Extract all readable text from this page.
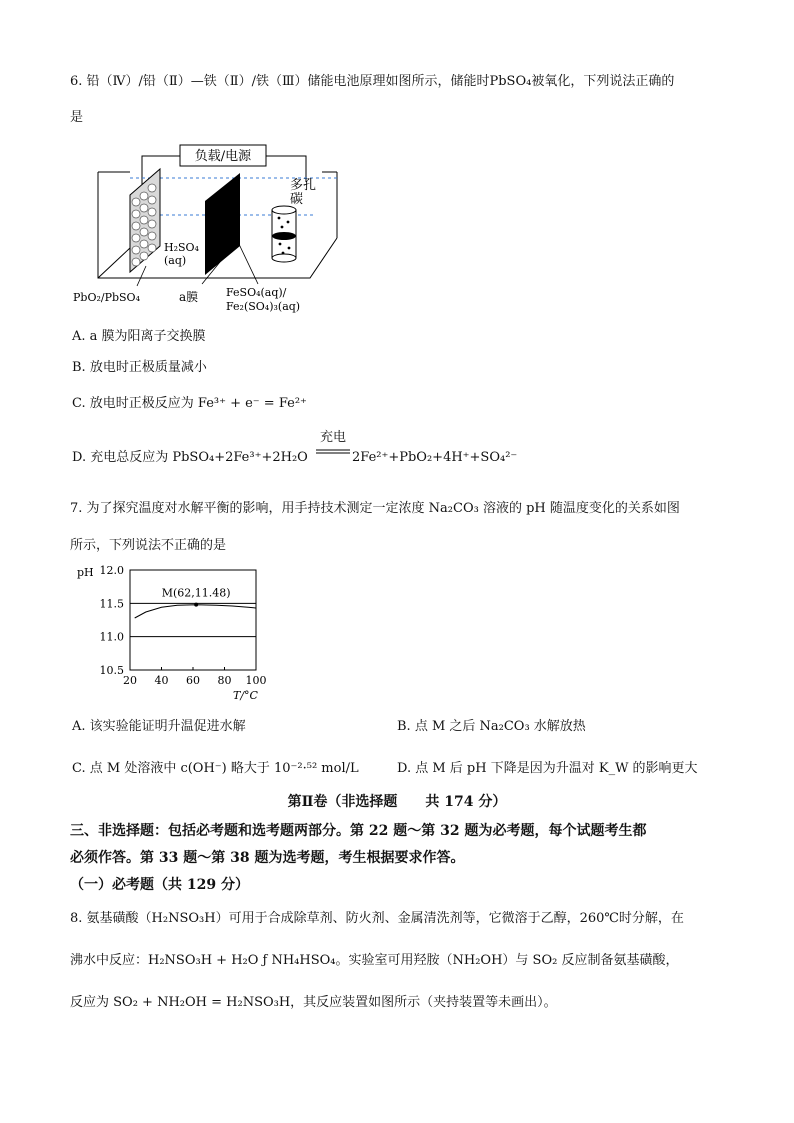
6. 铅（Ⅳ）/铅（Ⅱ）—铁（Ⅱ）/铁（Ⅲ）储能电池原理如图所示，储能时PbSO₄被氧化，下列说法正确的
是
负载/电源
多孔
碳
H₂SO₄
(aq)
PbO₂/PbSO₄	a膜	FeSO₄(aq)/
Fe₂(SO₄)₃(aq)
A. a 膜为阳离子交换膜
B. 放电时正极质量减小
C. 放电时正极反应为 Fe³⁺ + e⁻ = Fe²⁺
D. 充电总反应为 PbSO₄+2Fe³⁺+2H₂O
充电
2Fe²⁺+PbO₂+4H⁺+SO₄²⁻
7. 为了探究温度对水解平衡的影响，用手持技术测定一定浓度 Na₂CO₃ 溶液的 pH 随温度变化的关系如图
所示，下列说法不正确的是
pH
T/°C
12.0
11.5
11.0
10.5
20 40 60 80 100
M(62,11.48)
A. 该实验能证明升温促进水解	B. 点 M 之后 Na₂CO₃ 水解放热
C. 点 M 处溶液中 c(OH⁻) 略大于 10⁻²·⁵² mol/L	D. 点 M 后 pH 下降是因为升温对 K_W 的影响更大
第Ⅱ卷（非选择题　　共 174 分）
三、非选择题：包括必考题和选考题两部分。第 22 题～第 32 题为必考题，每个试题考生都
必须作答。第 33 题～第 38 题为选考题，考生根据要求作答。
（一）必考题（共 129 分）
8. 氨基磺酸（H₂NSO₃H）可用于合成除草剂、防火剂、金属清洗剂等，它微溶于乙醇，260℃时分解，在
沸水中反应：H₂NSO₃H + H₂O ƒ NH₄HSO₄。实验室可用羟胺（NH₂OH）与 SO₂ 反应制备氨基磺酸，
反应为 SO₂ + NH₂OH = H₂NSO₃H，其反应装置如图所示（夹持装置等未画出）。
